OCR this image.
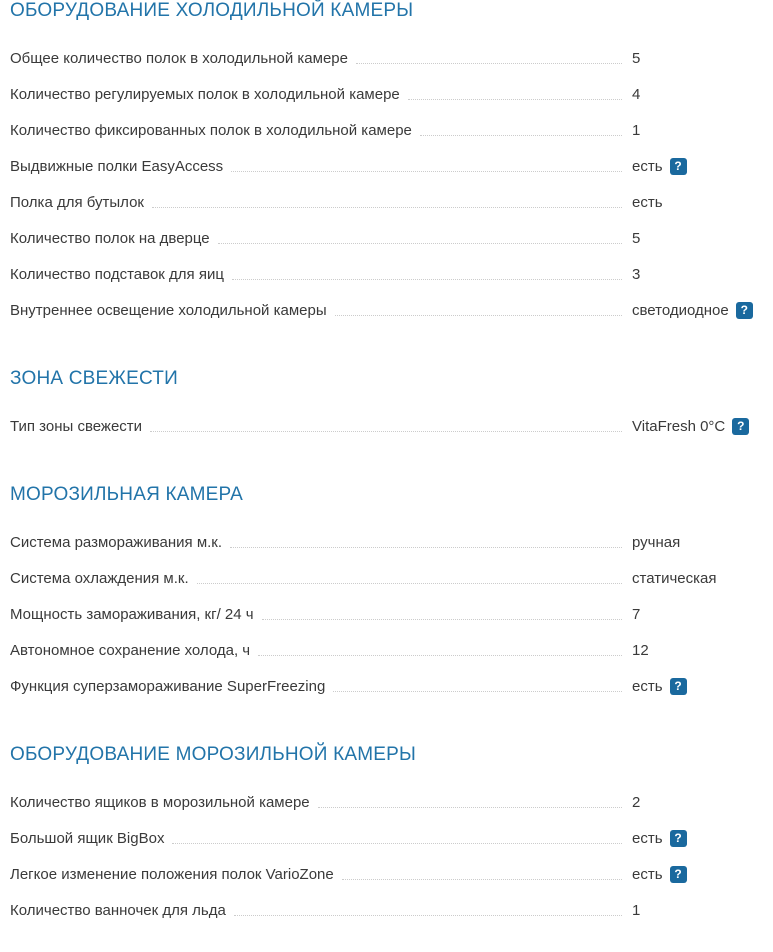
ОБОРУДОВАНИЕ ХОЛОДИЛЬНОЙ КАМЕРЫ
Общее количество полок в холодильной камере	5
Количество регулируемых полок в холодильной камере	4
Количество фиксированных полок в холодильной камере	1
Выдвижные полки EasyAccess	есть ?
Полка для бутылок	есть
Количество полок на дверце	5
Количество подставок для яиц	3
Внутреннее освещение холодильной камеры	светодиодное ?
ЗОНА СВЕЖЕСТИ
Тип зоны свежести	VitaFresh 0°C ?
МОРОЗИЛЬНАЯ КАМЕРА
Система размораживания м.к.	ручная
Система охлаждения м.к.	статическая
Мощность замораживания, кг/ 24 ч	7
Автономное сохранение холода, ч	12
Функция суперзамораживание SuperFreezing	есть ?
ОБОРУДОВАНИЕ МОРОЗИЛЬНОЙ КАМЕРЫ
Количество ящиков в морозильной камере	2
Большой ящик BigBox	есть ?
Легкое изменение положения полок VarioZone	есть ?
Количество ванночек для льда	1
